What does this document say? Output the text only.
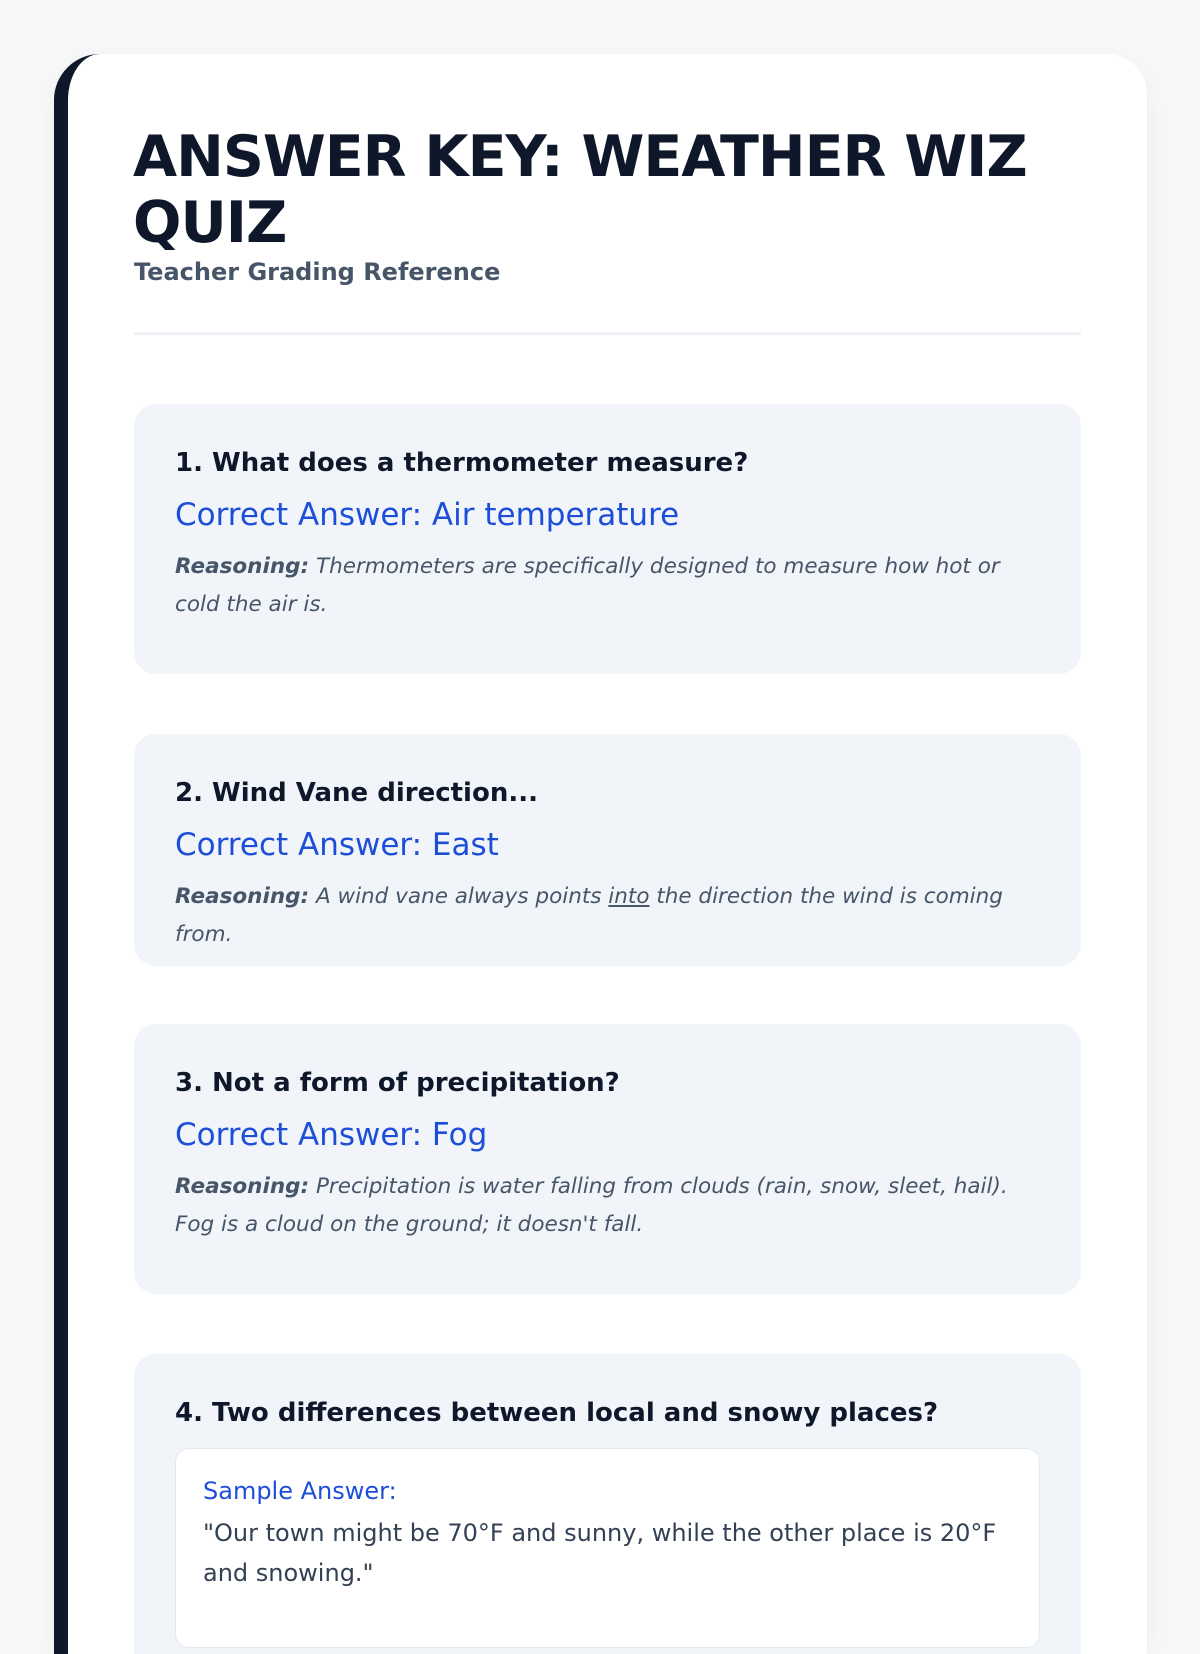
ANSWER KEY: WEATHER WIZ QUIZ

Teacher Grading Reference

1. What does a thermometer measure?

Correct Answer: Air temperature

Reasoning: Thermometers are specifically designed to measure how hot or cold the air is.

2. Wind Vane direction...

Correct Answer: East

Reasoning: A wind vane always points into the direction the wind is coming from.

3. Not a form of precipitation?

Correct Answer: Fog

Reasoning: Precipitation is water falling from clouds (rain, snow, sleet, hail). Fog is a cloud on the ground; it doesn't fall.

4. Two differences between local and snowy places?

Sample Answer:

"Our town might be 70°F and sunny, while the other place is 20°F and snowing."
